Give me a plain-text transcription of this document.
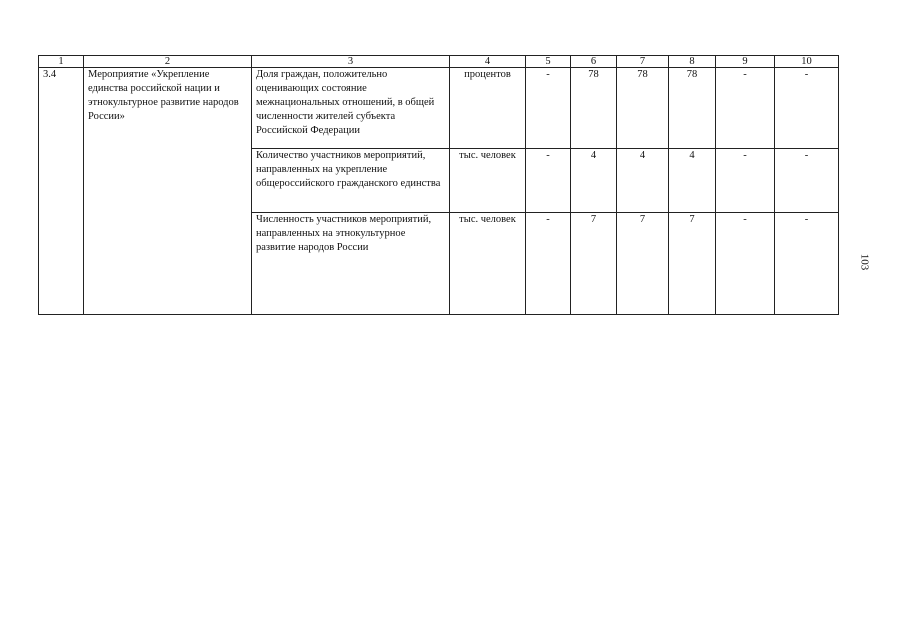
1	2	3	4	5	6	7	8	9	10
3.4	Мероприятие «Укрепление единства российской нации и этнокультурное развитие народов России»	Доля граждан, положительно оценивающих состояние межнациональных отношений, в общей численности жителей субъекта Российской Федерации	процентов	-	78	78	78	-	-
		Количество участников мероприятий, направленных на укрепление общероссийского гражданского единства	тыс. человек	-	4	4	4	-	-
		Численность участников мероприятий, направленных на этнокультурное развитие народов России	тыс. человек	-	7	7	7	-	-
103
